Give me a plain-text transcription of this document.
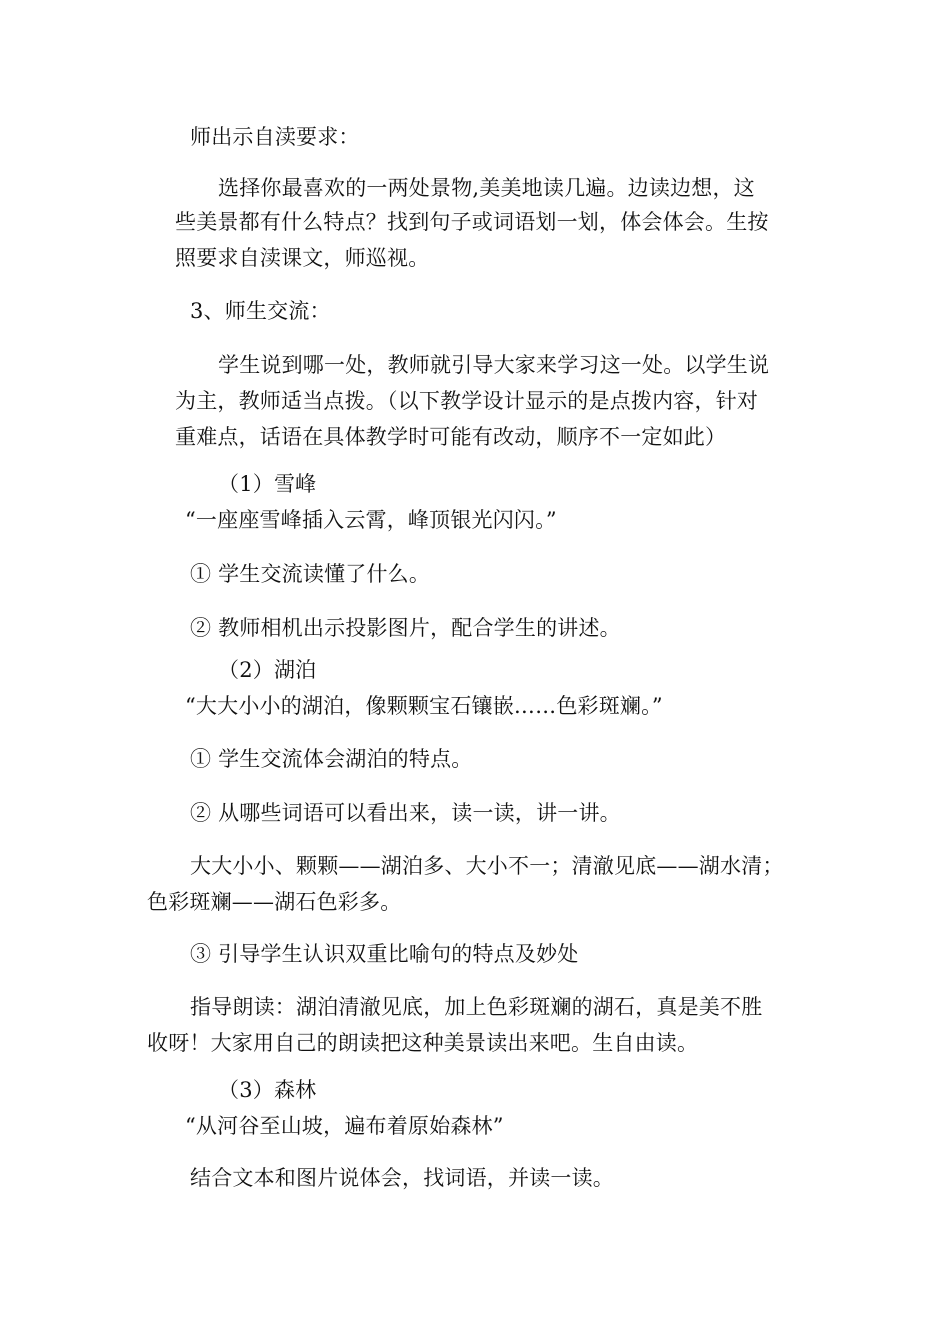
师出示自渎要求：
选择你最喜欢的一两处景物,美美地读几遍。边读边想，这
些美景都有什么特点？找到句子或词语划一划，体会体会。生按
照要求自渎课文，师巡视。
3、师生交流：
学生说到哪一处，教师就引导大家来学习这一处。以学生说
为主，教师适当点拨。（以下教学设计显示的是点拨内容，针对
重难点，话语在具体教学时可能有改动，顺序不一定如此）
（1）雪峰
“一座座雪峰插入云霄，峰顶银光闪闪。”
① 学生交流读懂了什么。
② 教师相机出示投影图片，配合学生的讲述。
（2）湖泊
“大大小小的湖泊，像颗颗宝石镶嵌……色彩斑斓。”
① 学生交流体会湖泊的特点。
② 从哪些词语可以看出来，读一读，讲一讲。
大大小小、颗颗——湖泊多、大小不一；清澈见底——湖水清；
色彩斑斓——湖石色彩多。
③ 引导学生认识双重比喻句的特点及妙处
指导朗读：湖泊清澈见底，加上色彩斑斓的湖石，真是美不胜
收呀！大家用自己的朗读把这种美景读出来吧。生自由读。
（3）森林
“从河谷至山坡，遍布着原始森林”
结合文本和图片说体会，找词语，并读一读。
